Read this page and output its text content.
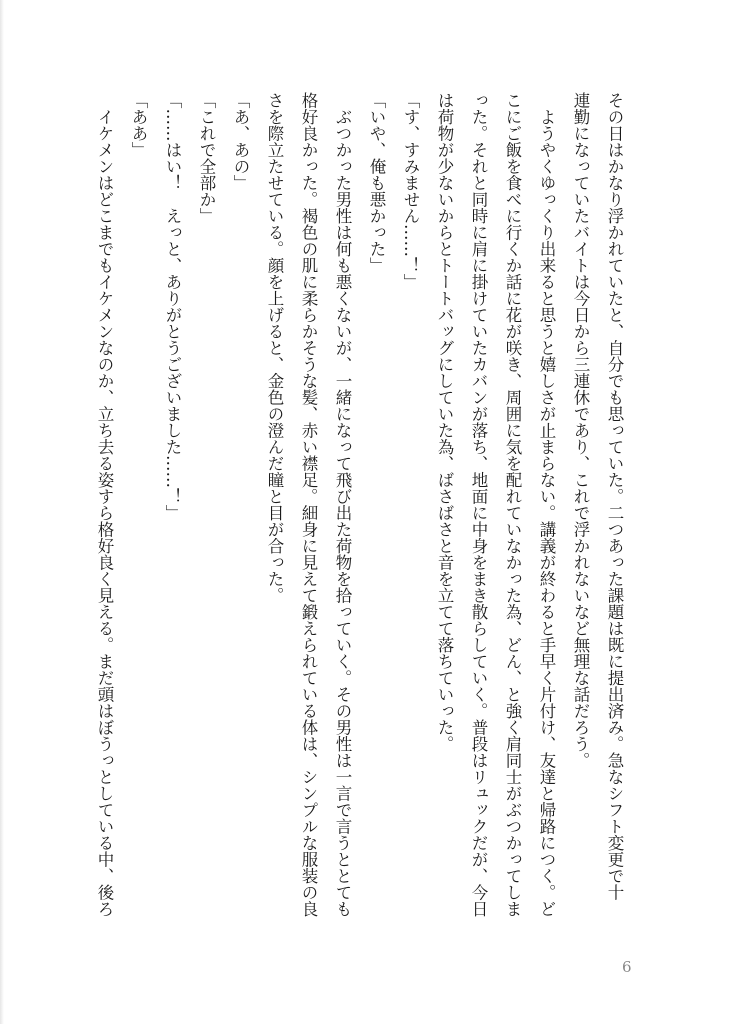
その日はかなり浮かれていたと、自分でも思っていた。二つあった課題は既に提出済み。急なシフト変更で十

連勤になっていたバイトは今日から三連休であり、これで浮かれないなど無理な話だろう。

　ようやくゆっくり出来ると思うと嬉しさが止まらない。講義が終わると手早く片付け、友達と帰路につく。ど

こにご飯を食べに行くか話に花が咲き、周囲に気を配れていなかった為、どん、と強く肩同士がぶつかってしま

った。それと同時に肩に掛けていたカバンが落ち、地面に中身をまき散らしていく。普段はリュックだが、今日

は荷物が少ないからとトートバッグにしていた為、ばさばさと音を立てて落ちていった。

「す、すみません……！」

「いや、俺も悪かった」

　ぶつかった男性は何も悪くないが、一緒になって飛び出た荷物を拾っていく。その男性は一言で言うととても

格好良かった。褐色の肌に柔らかそうな髪、赤い襟足。細身に見えて鍛えられている体は、シンプルな服装の良

さを際立たせている。顔を上げると、金色の澄んだ瞳と目が合った。

「あ、あの」

「これで全部か」

「……はい！　えっと、ありがとうございました……！」

「ああ」

　イケメンはどこまでもイケメンなのか、立ち去る姿すら格好良く見える。まだ頭はぼうっとしている中、後ろ

6
